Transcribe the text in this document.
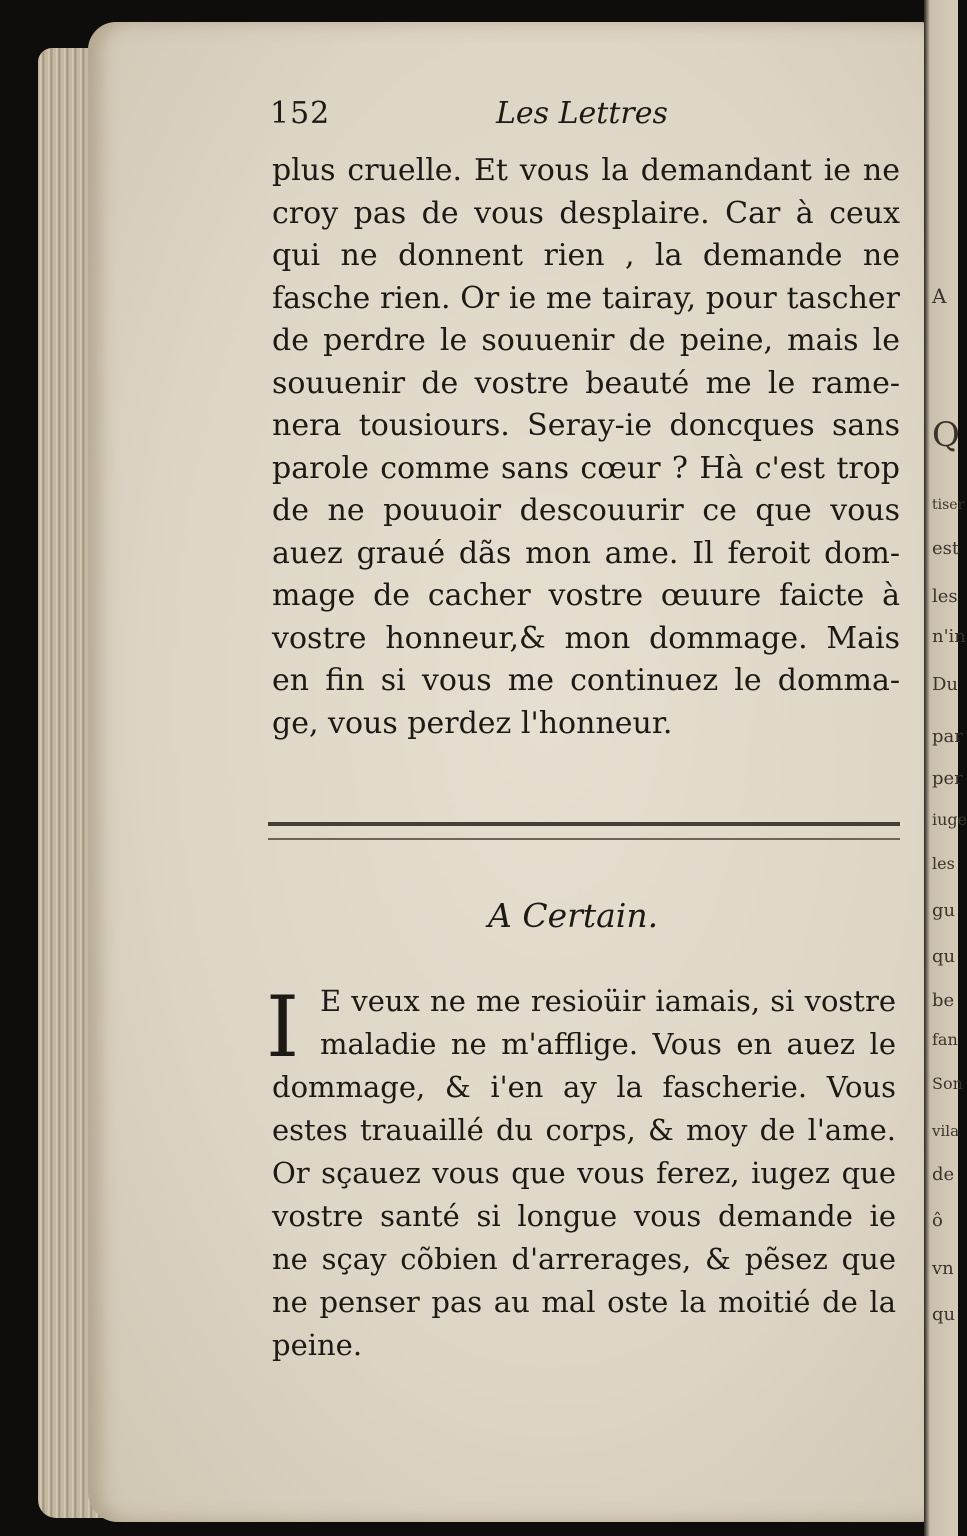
A
Q
tiser
est
les
n'in
Du
par
per
iuge
les
gu
qu
be
fan
Son
vila
de
ô
vn
qu
152	Les Lettres
plus cruelle. Et vous la demandant ie ne
croy pas de vous desplaire. Car à ceux
qui ne donnent rien , la demande ne
fasche rien. Or ie me tairay, pour tascher
de perdre le souuenir de peine, mais le
souuenir de vostre beauté me le rame-
nera tousiours. Seray-ie doncques sans
parole comme sans cœur ? Hà c'est trop
de ne pouuoir descouurir ce que vous
auez graué dãs mon ame. Il feroit dom-
mage de cacher vostre œuure faicte à
vostre honneur,& mon dommage. Mais
en fin si vous me continuez le domma-
ge, vous perdez l'honneur.
A Certain.
I E veux ne me resioüir iamais, si vostre
maladie ne m'afflige. Vous en auez le
dommage, & i'en ay la fascherie. Vous
estes trauaillé du corps, & moy de l'ame.
Or sçauez vous que vous ferez, iugez que
vostre santé si longue vous demande ie
ne sçay cõbien d'arrerages, & pẽsez que
ne penser pas au mal oste la moitié de la
peine.
